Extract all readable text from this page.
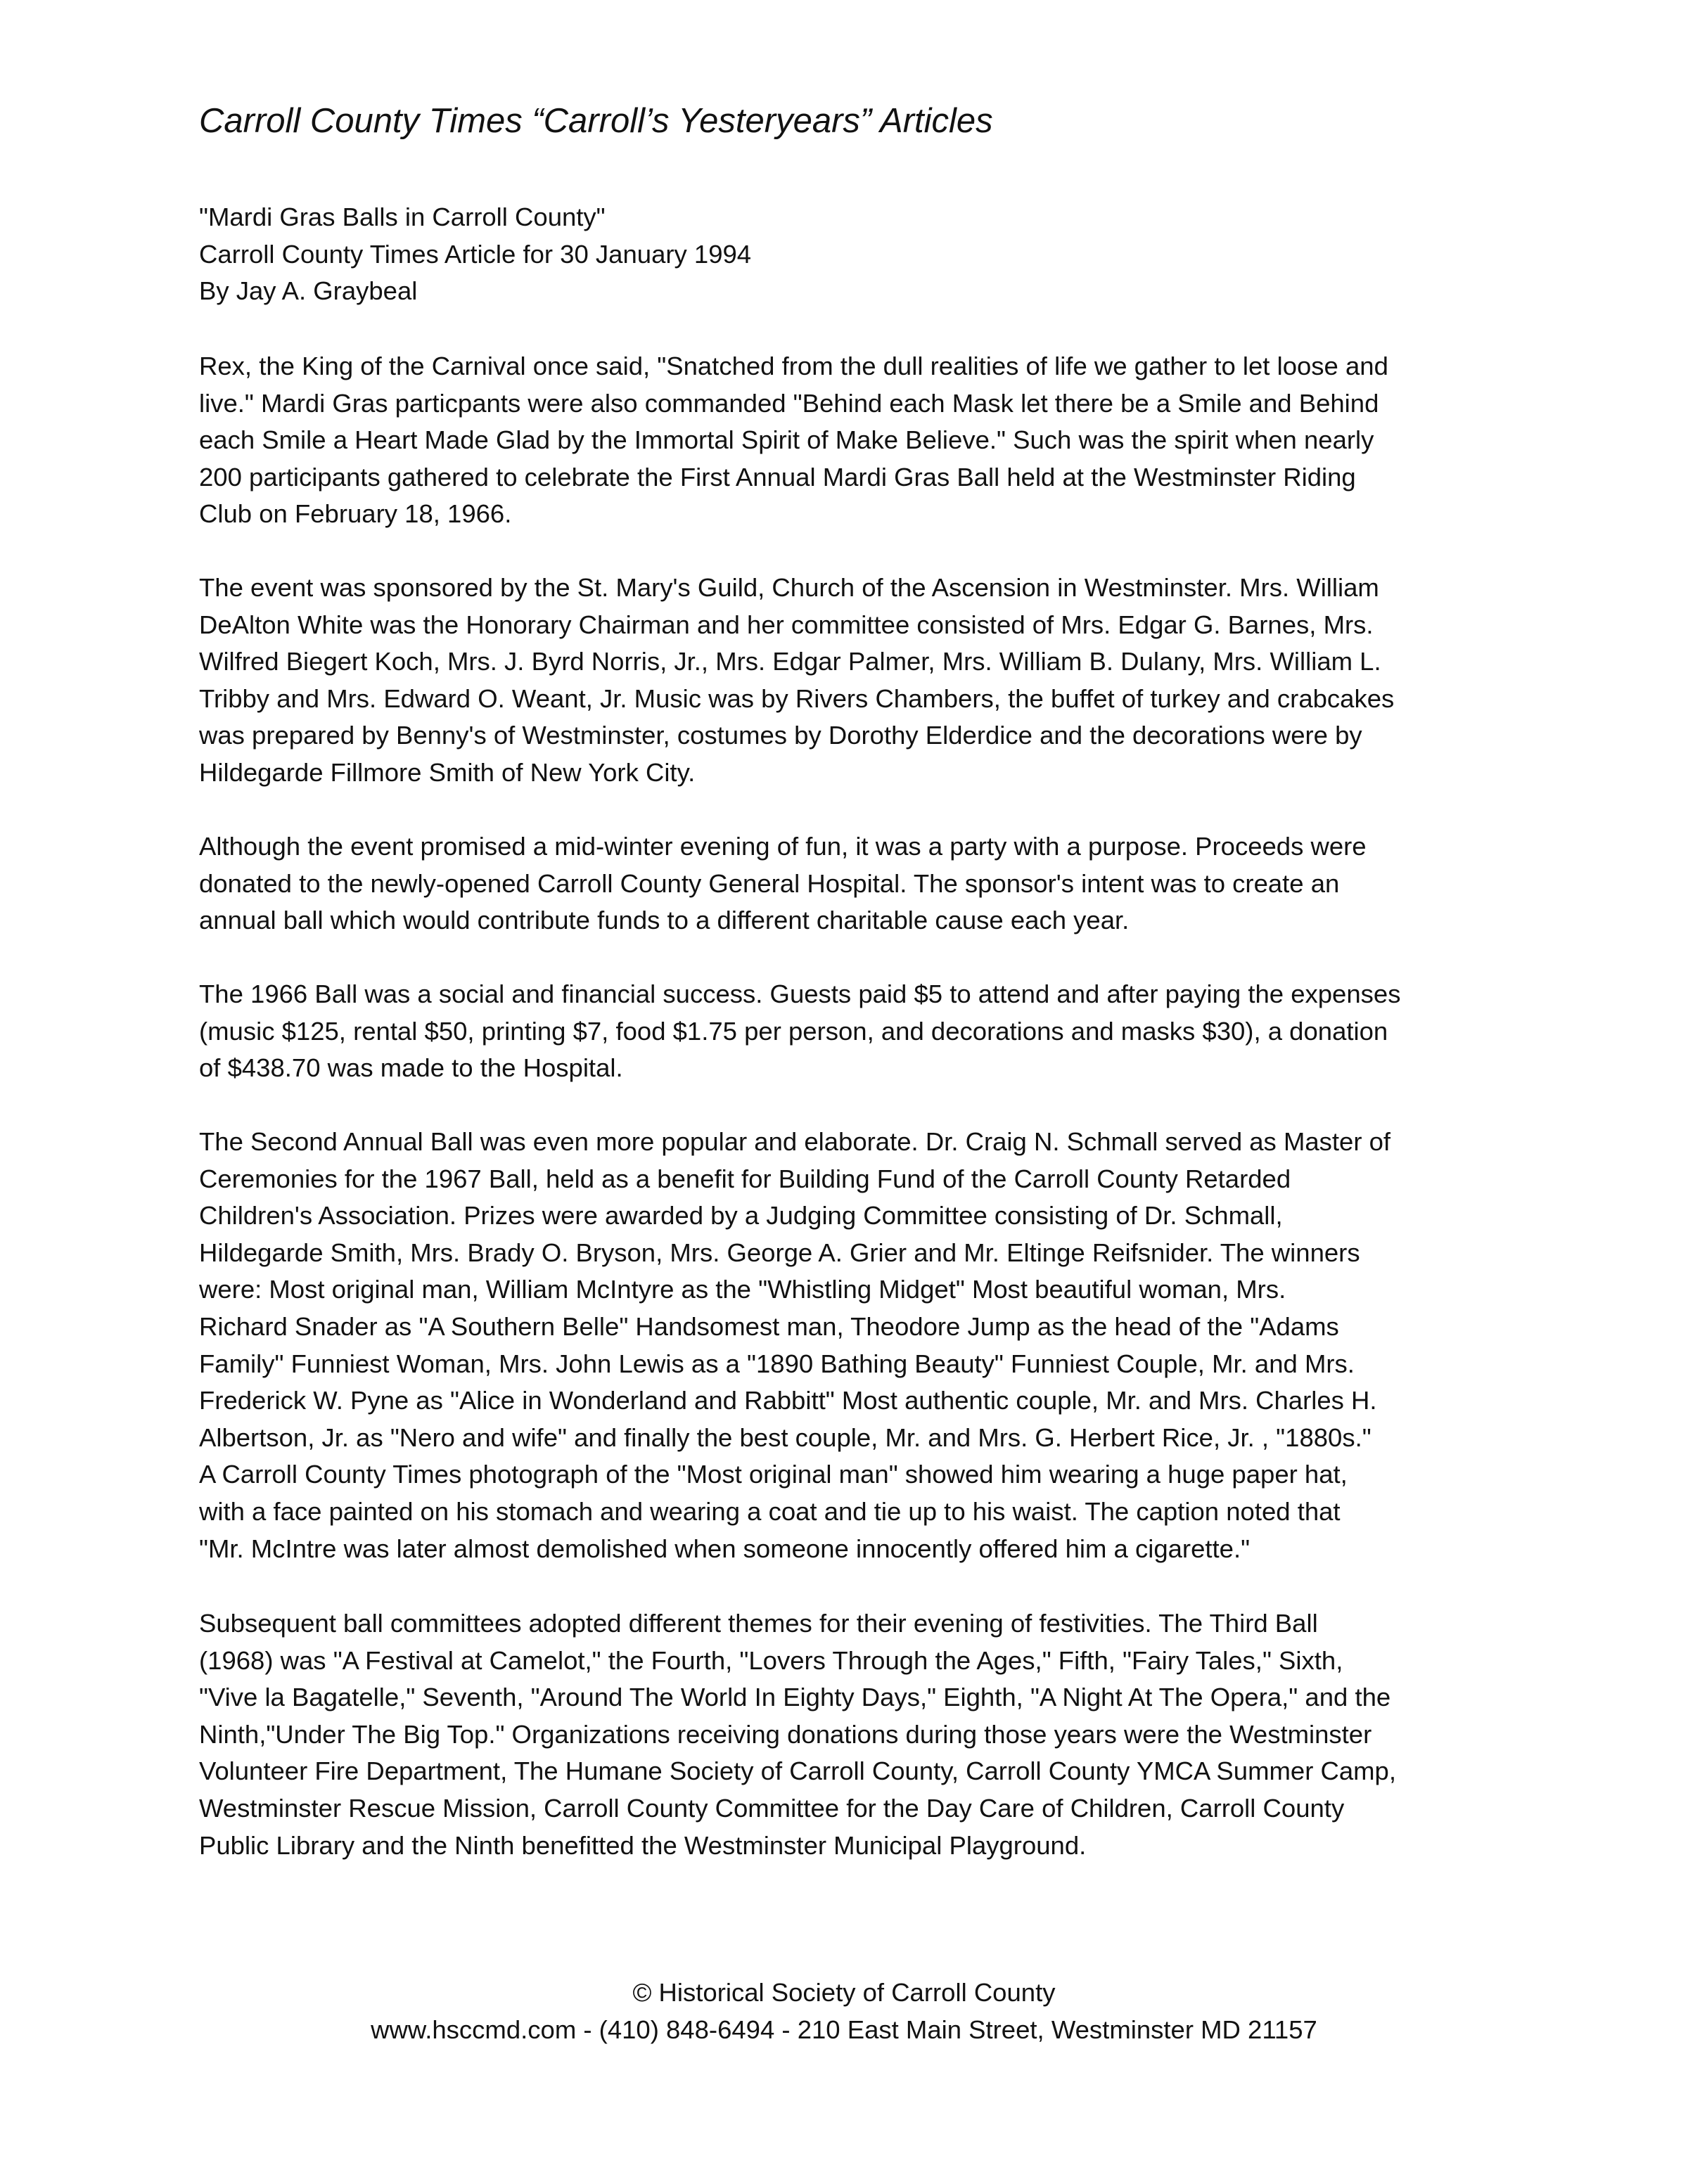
Carroll County Times “Carroll’s Yesteryears” Articles
"Mardi Gras Balls in Carroll County"
Carroll County Times Article for 30 January 1994
By Jay A. Graybeal
Rex, the King of the Carnival once said, "Snatched from the dull realities of life we gather to let loose and
live." Mardi Gras particpants were also commanded "Behind each Mask let there be a Smile and Behind
each Smile a Heart Made Glad by the Immortal Spirit of Make Believe." Such was the spirit when nearly
200 participants gathered to celebrate the First Annual Mardi Gras Ball held at the Westminster Riding
Club on February 18, 1966.
The event was sponsored by the St. Mary's Guild, Church of the Ascension in Westminster. Mrs. William
DeAlton White was the Honorary Chairman and her committee consisted of Mrs. Edgar G. Barnes, Mrs.
Wilfred Biegert Koch, Mrs. J. Byrd Norris, Jr., Mrs. Edgar Palmer, Mrs. William B. Dulany, Mrs. William L.
Tribby and Mrs. Edward O. Weant, Jr. Music was by Rivers Chambers, the buffet of turkey and crabcakes
was prepared by Benny's of Westminster, costumes by Dorothy Elderdice and the decorations were by
Hildegarde Fillmore Smith of New York City.
Although the event promised a mid-winter evening of fun, it was a party with a purpose. Proceeds were
donated to the newly-opened Carroll County General Hospital. The sponsor's intent was to create an
annual ball which would contribute funds to a different charitable cause each year.
The 1966 Ball was a social and financial success. Guests paid $5 to attend and after paying the expenses
(music $125, rental $50, printing $7, food $1.75 per person, and decorations and masks $30), a donation
of $438.70 was made to the Hospital.
The Second Annual Ball was even more popular and elaborate. Dr. Craig N. Schmall served as Master of
Ceremonies for the 1967 Ball, held as a benefit for Building Fund of the Carroll County Retarded
Children's Association. Prizes were awarded by a Judging Committee consisting of Dr. Schmall,
Hildegarde Smith, Mrs. Brady O. Bryson, Mrs. George A. Grier and Mr. Eltinge Reifsnider. The winners
were: Most original man, William McIntyre as the "Whistling Midget" Most beautiful woman, Mrs.
Richard Snader as "A Southern Belle" Handsomest man, Theodore Jump as the head of the "Adams
Family" Funniest Woman, Mrs. John Lewis as a "1890 Bathing Beauty" Funniest Couple, Mr. and Mrs.
Frederick W. Pyne as "Alice in Wonderland and Rabbitt" Most authentic couple, Mr. and Mrs. Charles H.
Albertson, Jr. as "Nero and wife" and finally the best couple, Mr. and Mrs. G. Herbert Rice, Jr. , "1880s."
A Carroll County Times photograph of the "Most original man" showed him wearing a huge paper hat,
with a face painted on his stomach and wearing a coat and tie up to his waist. The caption noted that
"Mr. McIntre was later almost demolished when someone innocently offered him a cigarette."
Subsequent ball committees adopted different themes for their evening of festivities. The Third Ball
(1968) was "A Festival at Camelot," the Fourth, "Lovers Through the Ages," Fifth, "Fairy Tales," Sixth,
"Vive la Bagatelle," Seventh, "Around The World In Eighty Days," Eighth, "A Night At The Opera," and the
Ninth,"Under The Big Top." Organizations receiving donations during those years were the Westminster
Volunteer Fire Department, The Humane Society of Carroll County, Carroll County YMCA Summer Camp,
Westminster Rescue Mission, Carroll County Committee for the Day Care of Children, Carroll County
Public Library and the Ninth benefitted the Westminster Municipal Playground.
© Historical Society of Carroll County
www.hsccmd.com - (410) 848-6494 - 210 East Main Street, Westminster MD 21157
